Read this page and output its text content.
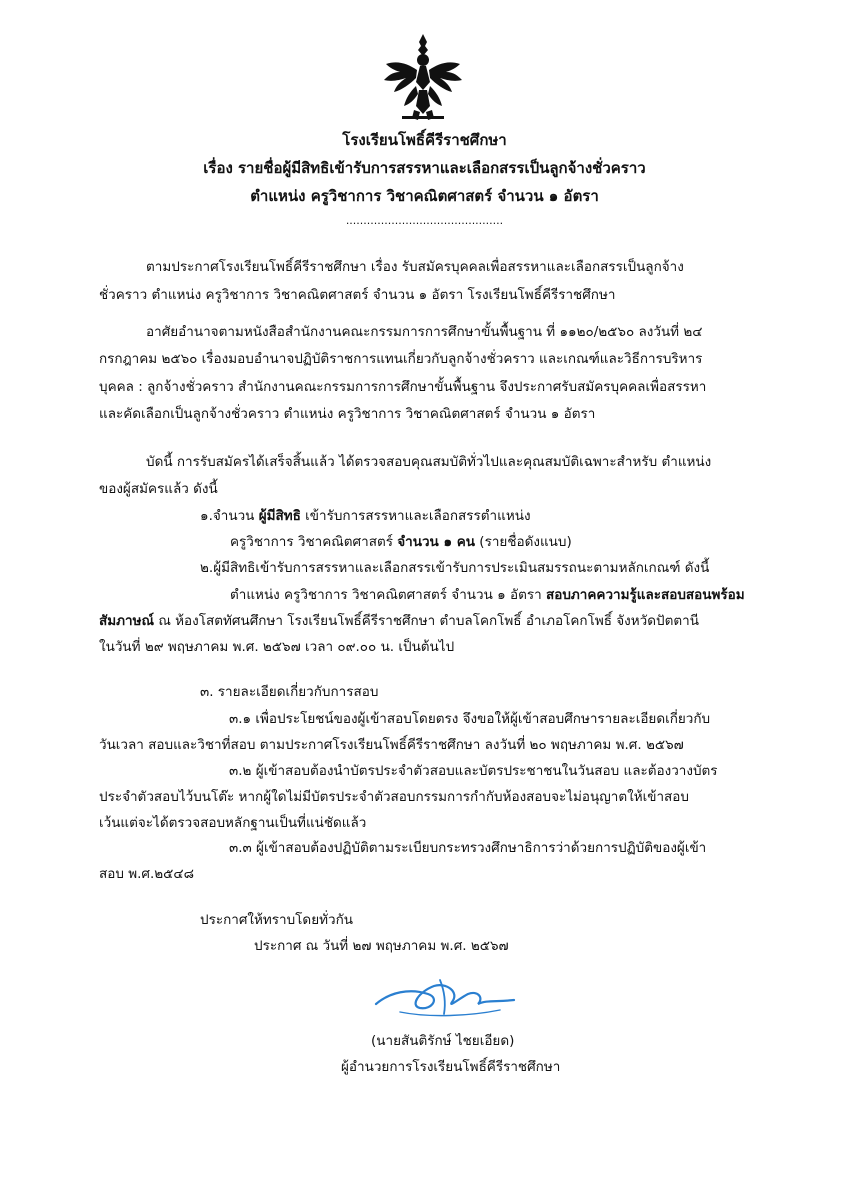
โรงเรียนโพธิ์คีรีราชศึกษา
เรื่อง รายชื่อผู้มีสิทธิเข้ารับการสรรหาและเลือกสรรเป็นลูกจ้างชั่วคราว
ตำแหน่ง ครูวิชาการ วิชาคณิตศาสตร์ จำนวน ๑ อัตรา
.............................................
ตามประกาศโรงเรียนโพธิ์คีรีราชศึกษา เรื่อง รับสมัครบุคคลเพื่อสรรหาและเลือกสรรเป็นลูกจ้าง
ชั่วคราว ตำแหน่ง ครูวิชาการ วิชาคณิตศาสตร์ จำนวน ๑ อัตรา โรงเรียนโพธิ์คีรีราชศึกษา
อาศัยอำนาจตามหนังสือสำนักงานคณะกรรมการการศึกษาขั้นพื้นฐาน ที่ ๑๑๒๐/๒๕๖๐ ลงวันที่ ๒๔
กรกฎาคม ๒๕๖๐ เรื่องมอบอำนาจปฏิบัติราชการแทนเกี่ยวกับลูกจ้างชั่วคราว และเกณฑ์และวิธีการบริหาร
บุคคล : ลูกจ้างชั่วคราว สำนักงานคณะกรรมการการศึกษาขั้นพื้นฐาน จึงประกาศรับสมัครบุคคลเพื่อสรรหา
และคัดเลือกเป็นลูกจ้างชั่วคราว ตำแหน่ง ครูวิชาการ วิชาคณิตศาสตร์ จำนวน ๑ อัตรา
บัดนี้ การรับสมัครได้เสร็จสิ้นแล้ว ได้ตรวจสอบคุณสมบัติทั่วไปและคุณสมบัติเฉพาะสำหรับ ตำแหน่ง
ของผู้สมัครแล้ว ดังนี้
๑.จำนวน ผู้มีสิทธิ เข้ารับการสรรหาและเลือกสรรตำแหน่ง
ครูวิชาการ วิชาคณิตศาสตร์ จำนวน ๑ คน (รายชื่อดังแนบ)
๒.ผู้มีสิทธิเข้ารับการสรรหาและเลือกสรรเข้ารับการประเมินสมรรถนะตามหลักเกณฑ์ ดังนี้
ตำแหน่ง ครูวิชาการ วิชาคณิตศาสตร์ จำนวน ๑ อัตรา สอบภาคความรู้และสอบสอนพร้อม
สัมภาษณ์ ณ ห้องโสตทัศนศึกษา โรงเรียนโพธิ์คีรีราชศึกษา ตำบลโคกโพธิ์ อำเภอโคกโพธิ์ จังหวัดปัตตานี
ในวันที่ ๒๙ พฤษภาคม พ.ศ. ๒๕๖๗ เวลา ๐๙.๐๐ น. เป็นต้นไป
๓. รายละเอียดเกี่ยวกับการสอบ
๓.๑ เพื่อประโยชน์ของผู้เข้าสอบโดยตรง จึงขอให้ผู้เข้าสอบศึกษารายละเอียดเกี่ยวกับ
วันเวลา สอบและวิชาที่สอบ ตามประกาศโรงเรียนโพธิ์คีรีราชศึกษา ลงวันที่ ๒๐ พฤษภาคม พ.ศ. ๒๕๖๗
๓.๒ ผู้เข้าสอบต้องนำบัตรประจำตัวสอบและบัตรประชาชนในวันสอบ และต้องวางบัตร
ประจำตัวสอบไว้บนโต๊ะ หากผู้ใดไม่มีบัตรประจำตัวสอบกรรมการกำกับห้องสอบจะไม่อนุญาตให้เข้าสอบ
เว้นแต่จะได้ตรวจสอบหลักฐานเป็นที่แน่ชัดแล้ว
๓.๓ ผู้เข้าสอบต้องปฏิบัติตามระเบียบกระทรวงศึกษาธิการว่าด้วยการปฏิบัติของผู้เข้า
สอบ พ.ศ.๒๕๔๘
ประกาศให้ทราบโดยทั่วกัน
ประกาศ ณ วันที่ ๒๗ พฤษภาคม พ.ศ. ๒๕๖๗
(นายสันติรักษ์ ไชยเอียด)
ผู้อำนวยการโรงเรียนโพธิ์คีรีราชศึกษา
